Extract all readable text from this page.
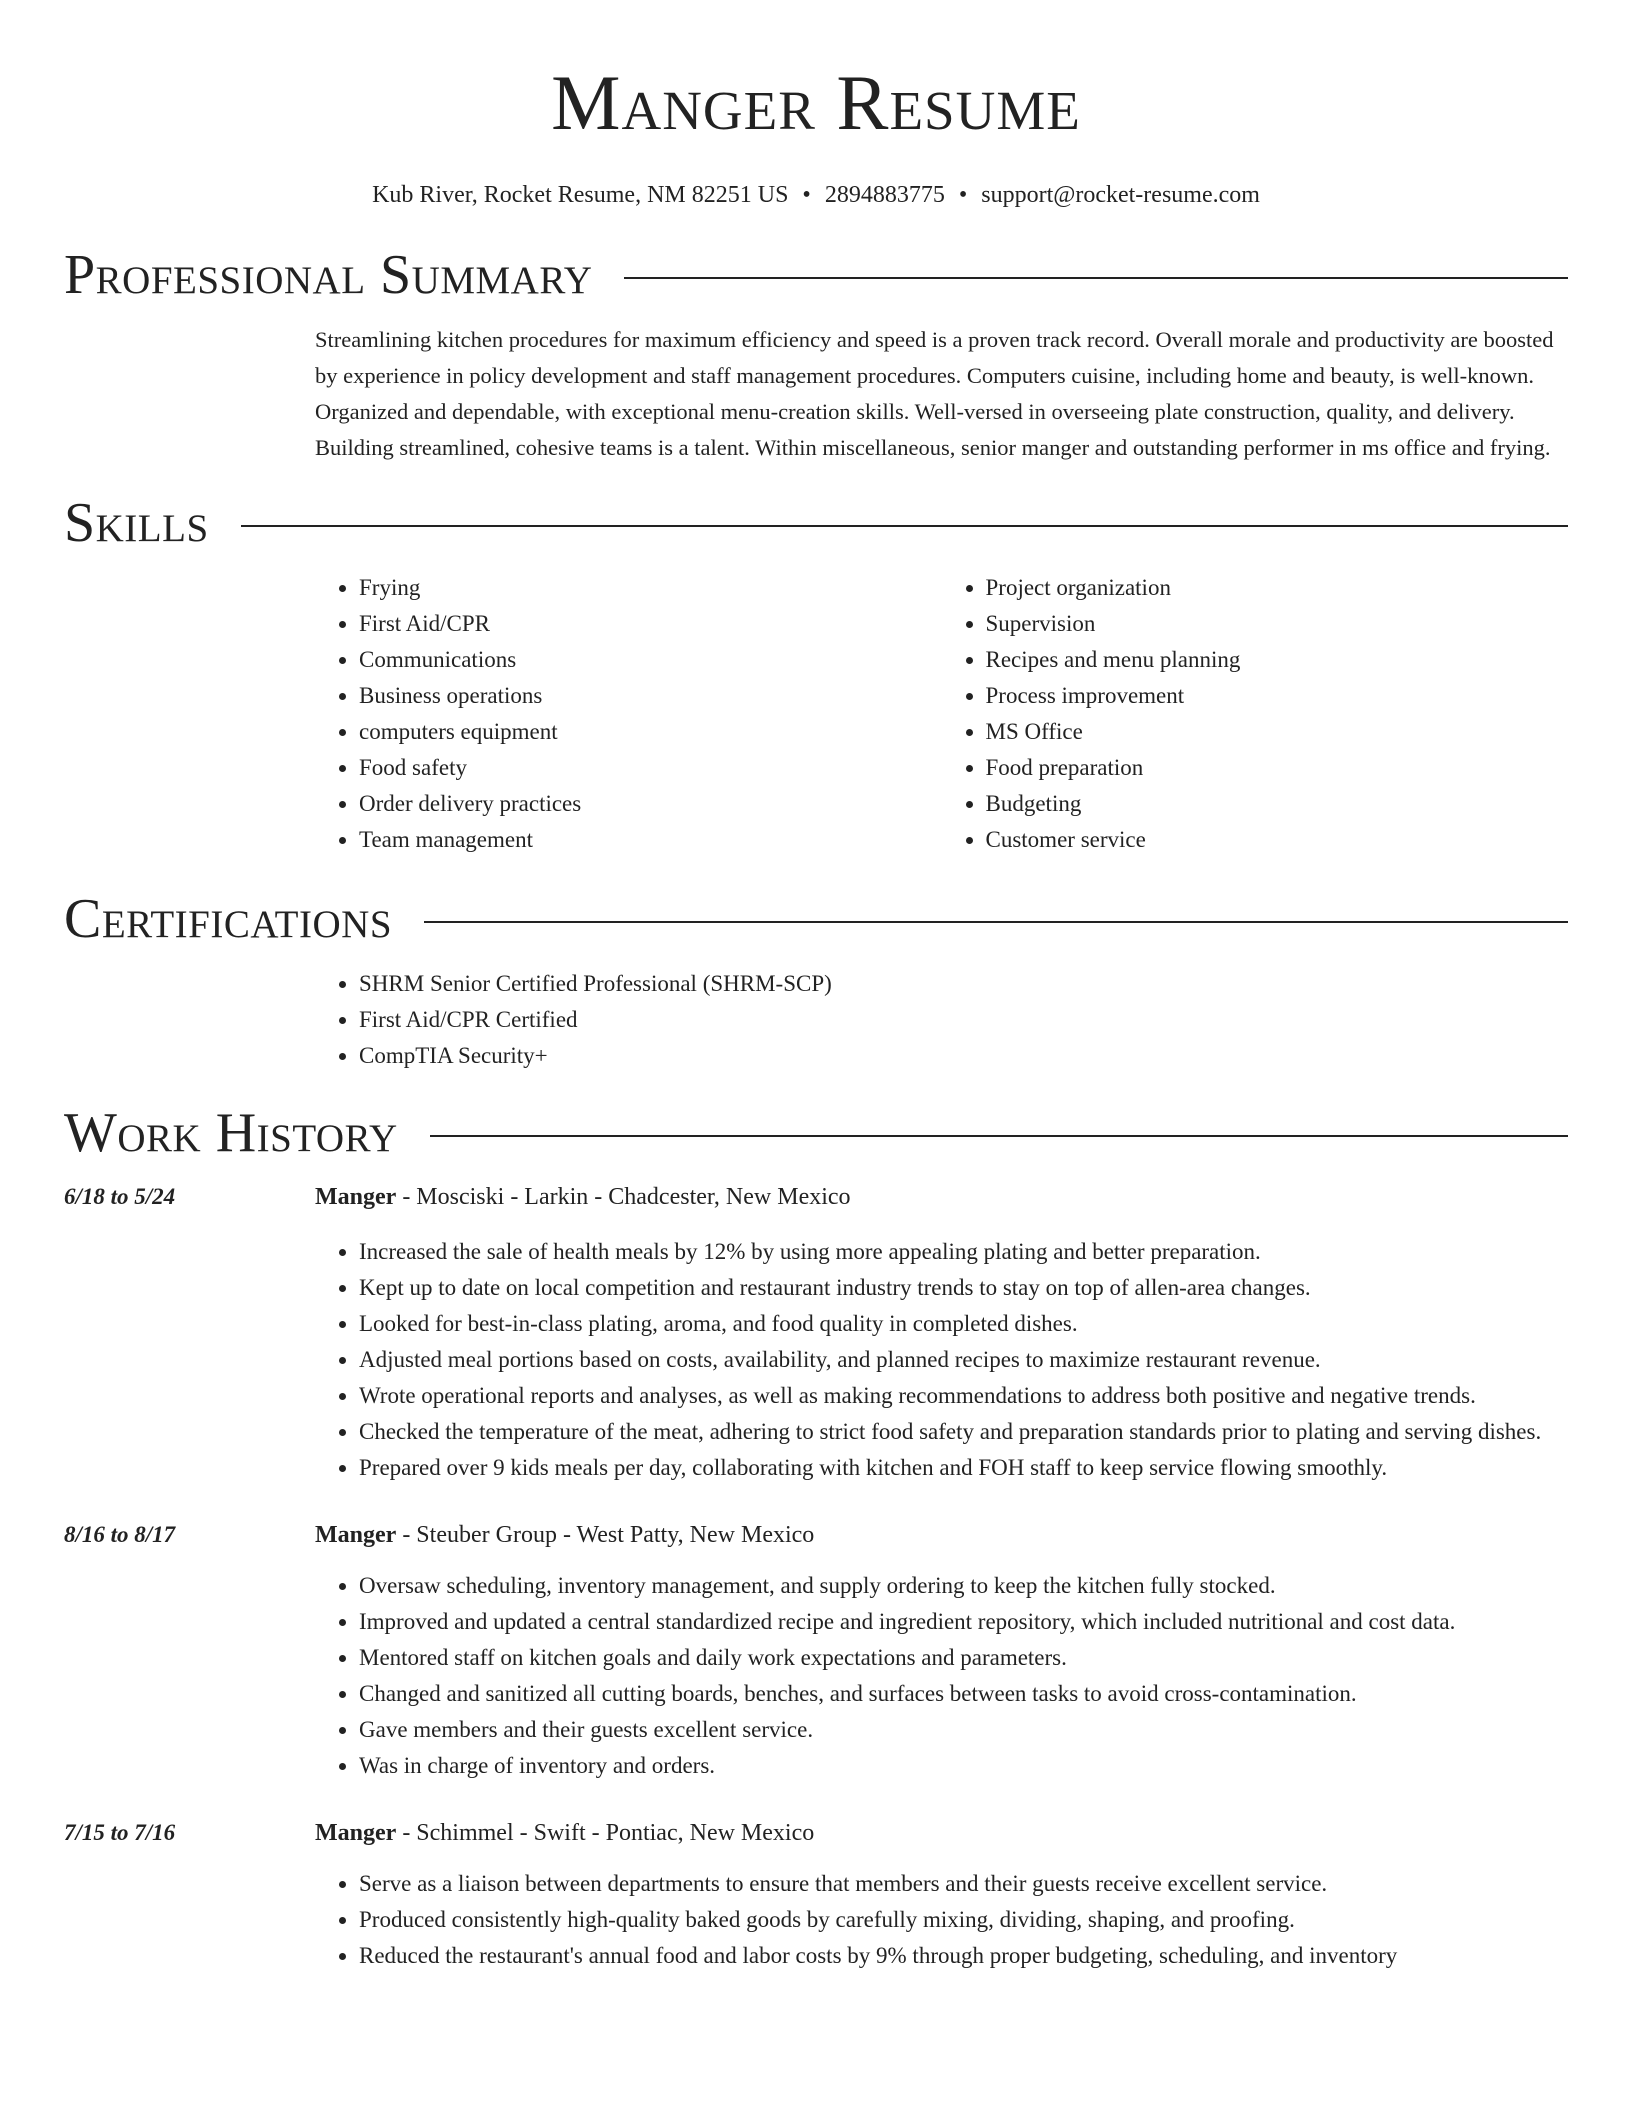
Manger Resume
Kub River, Rocket Resume, NM 82251 US • 2894883775 • support@rocket-resume.com
Professional Summary
Streamlining kitchen procedures for maximum efficiency and speed is a proven track record. Overall morale and productivity are boosted by experience in policy development and staff management procedures. Computers cuisine, including home and beauty, is well-known. Organized and dependable, with exceptional menu-creation skills. Well-versed in overseeing plate construction, quality, and delivery. Building streamlined, cohesive teams is a talent. Within miscellaneous, senior manger and outstanding performer in ms office and frying.
Skills
• Frying
• First Aid/CPR
• Communications
• Business operations
• computers equipment
• Food safety
• Order delivery practices
• Team management
• Project organization
• Supervision
• Recipes and menu planning
• Process improvement
• MS Office
• Food preparation
• Budgeting
• Customer service
Certifications
• SHRM Senior Certified Professional (SHRM-SCP)
• First Aid/CPR Certified
• CompTIA Security+
Work History
6/18 to 5/24	Manger - Mosciski - Larkin - Chadcester, New Mexico
• Increased the sale of health meals by 12% by using more appealing plating and better preparation.
• Kept up to date on local competition and restaurant industry trends to stay on top of allen-area changes.
• Looked for best-in-class plating, aroma, and food quality in completed dishes.
• Adjusted meal portions based on costs, availability, and planned recipes to maximize restaurant revenue.
• Wrote operational reports and analyses, as well as making recommendations to address both positive and negative trends.
• Checked the temperature of the meat, adhering to strict food safety and preparation standards prior to plating and serving dishes.
• Prepared over 9 kids meals per day, collaborating with kitchen and FOH staff to keep service flowing smoothly.
8/16 to 8/17	Manger - Steuber Group - West Patty, New Mexico
• Oversaw scheduling, inventory management, and supply ordering to keep the kitchen fully stocked.
• Improved and updated a central standardized recipe and ingredient repository, which included nutritional and cost data.
• Mentored staff on kitchen goals and daily work expectations and parameters.
• Changed and sanitized all cutting boards, benches, and surfaces between tasks to avoid cross-contamination.
• Gave members and their guests excellent service.
• Was in charge of inventory and orders.
7/15 to 7/16	Manger - Schimmel - Swift - Pontiac, New Mexico
• Serve as a liaison between departments to ensure that members and their guests receive excellent service.
• Produced consistently high-quality baked goods by carefully mixing, dividing, shaping, and proofing.
• Reduced the restaurant's annual food and labor costs by 9% through proper budgeting, scheduling, and inventory
